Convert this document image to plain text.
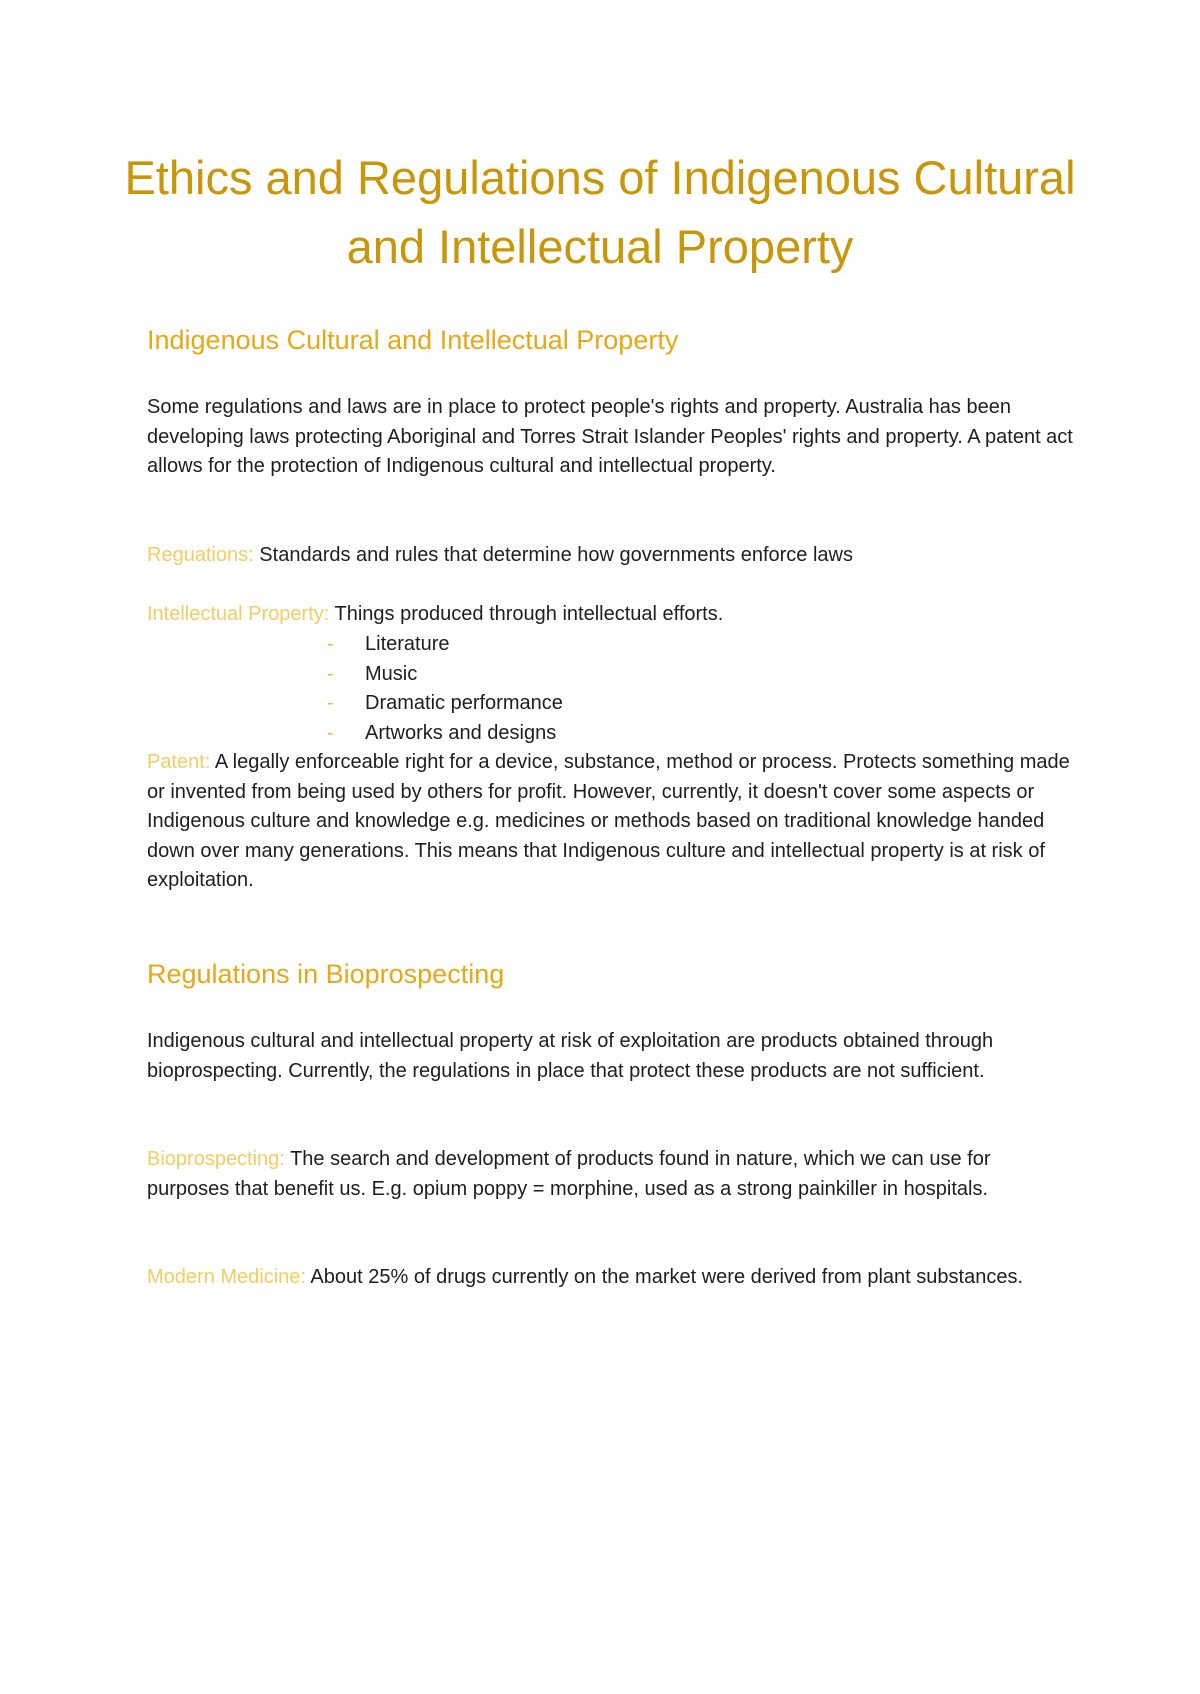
Ethics and Regulations of Indigenous Cultural and Intellectual Property
Indigenous Cultural and Intellectual Property

Some regulations and laws are in place to protect people's rights and property. Australia has been developing laws protecting Aboriginal and Torres Strait Islander Peoples' rights and property. A patent act allows for the protection of Indigenous cultural and intellectual property.

Reguations: Standards and rules that determine how governments enforce laws

Intellectual Property: Things produced through intellectual efforts.

- Literature
- Music
- Dramatic performance
- Artworks and designs

Patent: A legally enforceable right for a device, substance, method or process. Protects something made or invented from being used by others for profit. However, currently, it doesn't cover some aspects or Indigenous culture and knowledge e.g. medicines or methods based on traditional knowledge handed down over many generations. This means that Indigenous culture and intellectual property is at risk of exploitation.

Regulations in Bioprospecting

Indigenous cultural and intellectual property at risk of exploitation are products obtained through bioprospecting. Currently, the regulations in place that protect these products are not sufficient.

Bioprospecting: The search and development of products found in nature, which we can use for purposes that benefit us. E.g. opium poppy = morphine, used as a strong painkiller in hospitals.

Modern Medicine: About 25% of drugs currently on the market were derived from plant substances.
